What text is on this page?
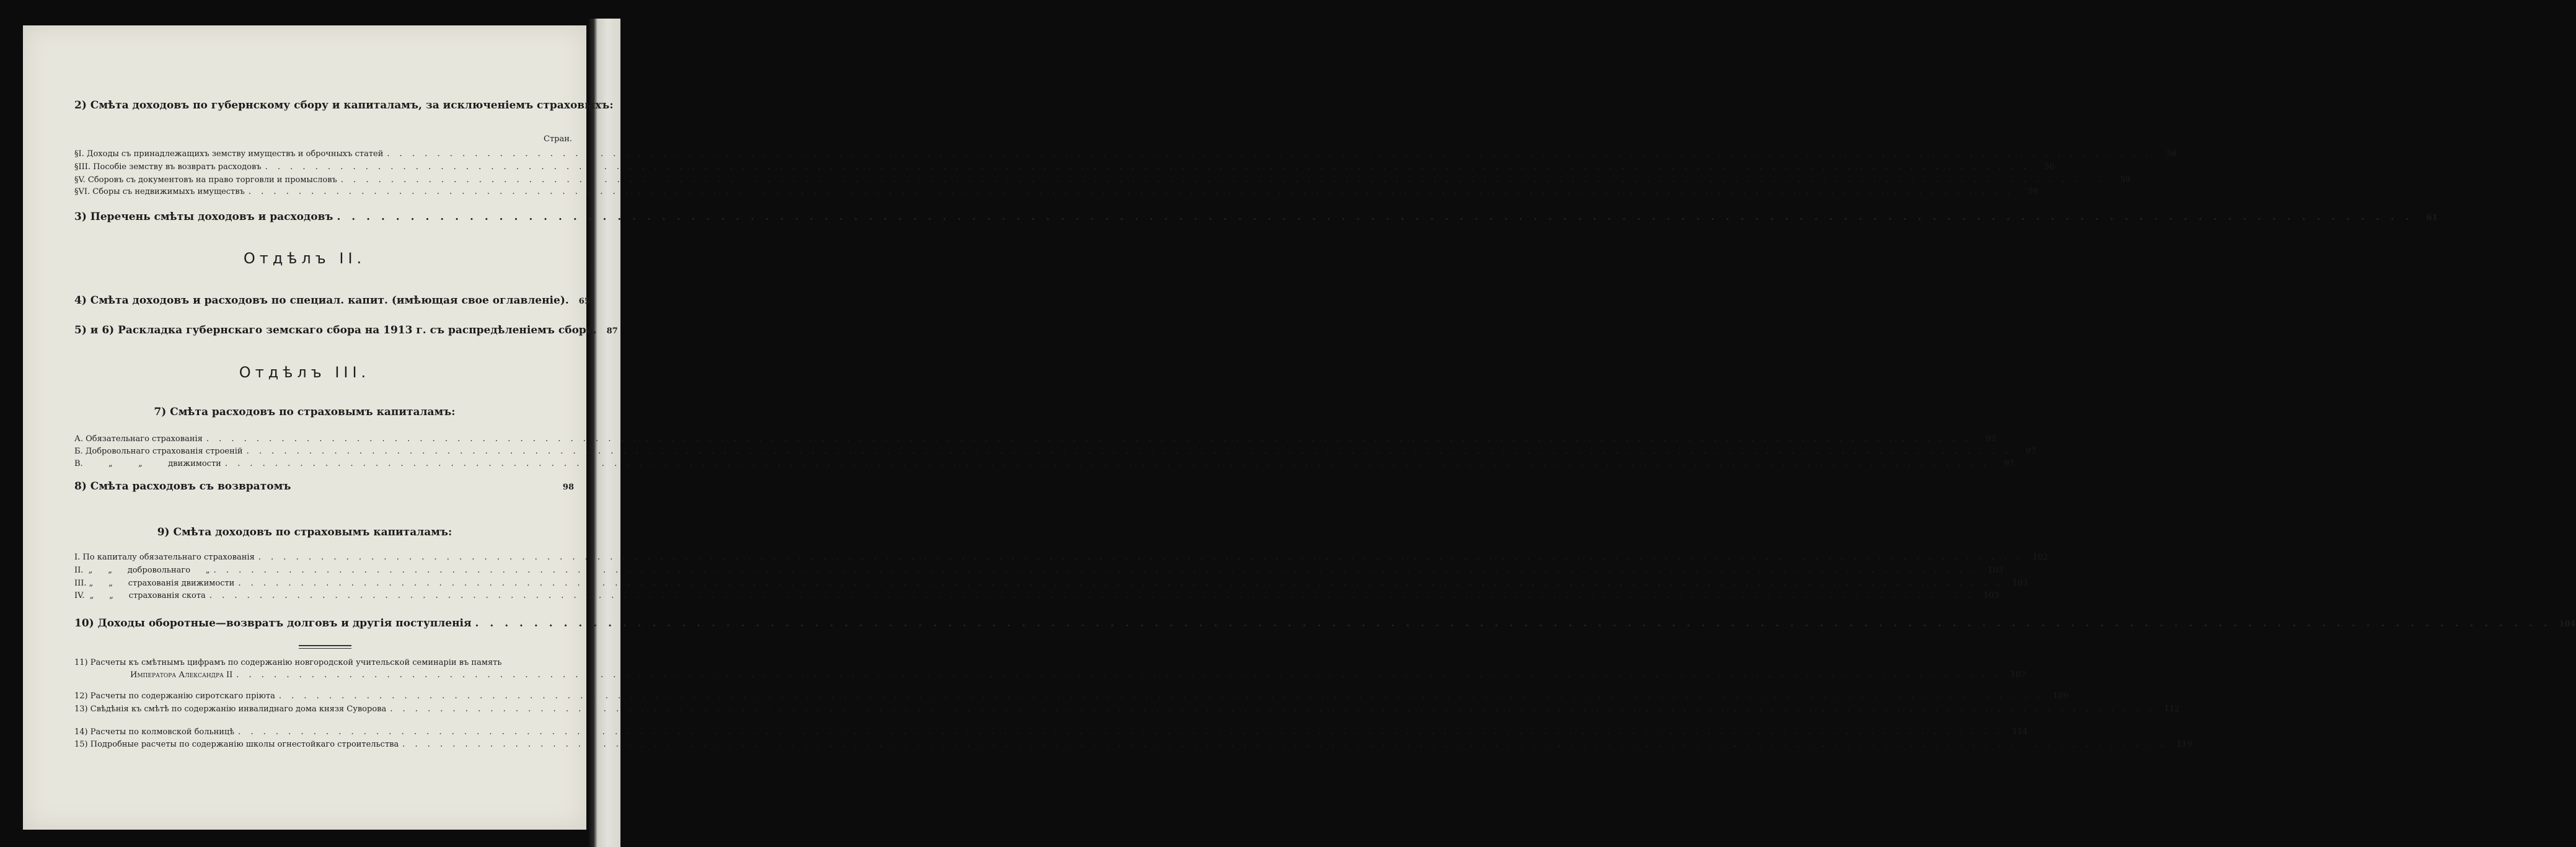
2) Смѣта доходовъ по губернскому сбору и капиталамъ, за исключеніемъ страховыхъ:
Стран.
§ I. Доходы съ принадлежащихъ земству имуществъ и оброчныхъ статей . . .	56
§ III. Пособіе земству въ возвратъ расходовъ . . .	56
§ V. Сборовъ съ документовъ на право торговли и промысловъ . . .	59
§ VI. Сборы съ недвижимыхъ имуществъ . . .	59
3) Перечень смѣты доходовъ и расходовъ . . .	61
Отдѣлъ II.
4) Смѣта доходовъ и расходовъ по специал. капит. (имѣющая свое оглавленіе).	65
5) и 6) Раскладка губернскаго земскаго сбора на 1913 г. съ распредѣленіемъ сбора.	87
Отдѣлъ III.
7) Смѣта расходовъ по страховымъ капиталамъ:
А. Обязательнаго страхованія . . .	92
Б. Добровольнаго страхованія строеній . . .	97
В.          „          „          движимости . . .	97
8) Смѣта расходовъ съ возвратомъ	98
9) Смѣта доходовъ по страховымъ капиталамъ:
I. По капиталу обязательнаго страхованія . . .	102
II.  „      „      добровольнаго      „ . . .	103
III. „      „      страхованія движимости . . .	103
IV.  „      „      страхованія скота . . .	103
10) Доходы оборотные—возвратъ долговъ и другія поступленія . . .	104
11) Расчеты къ смѣтнымъ цифрамъ по содержанію новгородской учительской семинаріи въ память
Императора Александра II . . .	107
12) Расчеты по содержанію сиротскаго пріюта . . .	109
13) Свѣдѣнія къ смѣтѣ по содержанію инвалиднаго дома князя Суворова . . .	112
14) Расчеты по колмовской больницѣ . . .	114
15) Подробные расчеты по содержанію школы огнестойкаго строительства . . .	119
